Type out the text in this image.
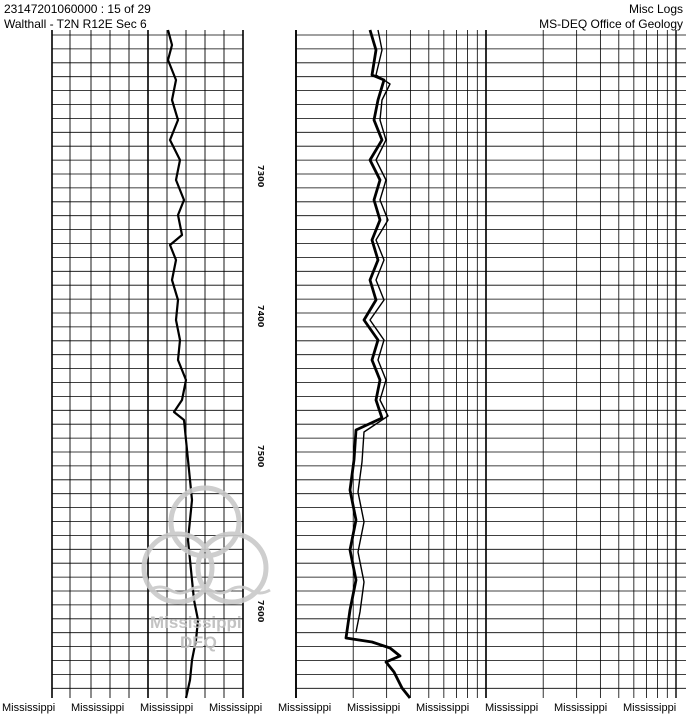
23147201060000 : 15 of 29
Walthall - T2N R12E Sec 6
Misc Logs
MS-DEQ Office of Geology
7300
7400
7500
7600
Mississippi
DEQ
Mississippi Mississippi Mississippi Mississippi Mississippi Mississippi Mississippi Mississippi Mississippi Mississippi
